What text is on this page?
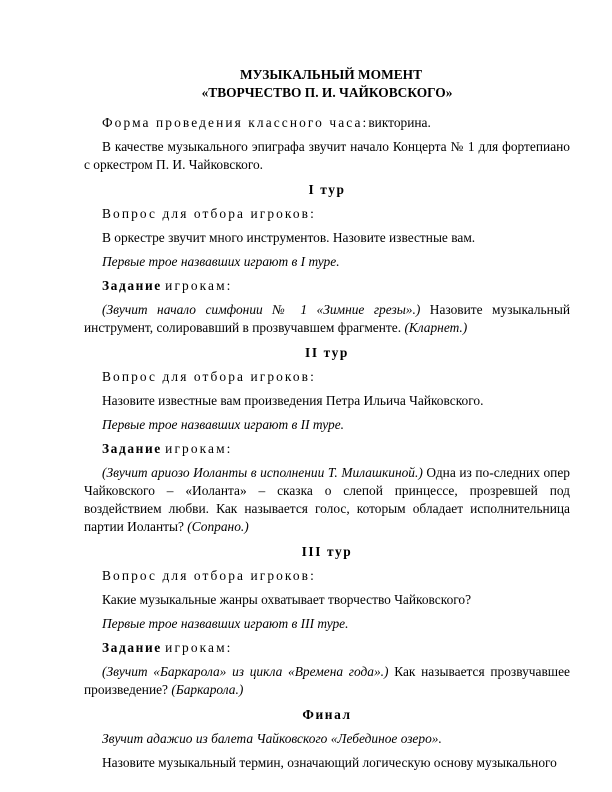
МУЗЫКАЛЬНЫЙ МОМЕНТ
«ТВОРЧЕСТВО П. И. ЧАЙКОВСКОГО»

Форма проведения классного часа:викторина.

В качестве музыкального эпиграфа звучит начало Концерта № 1 для фортепиано с оркестром П. И. Чайковского.

I тур

Вопрос для отбора игроков:

В оркестре звучит много инструментов. Назовите известные вам.

Первые трое назвавших играют в I туре.

Задание игрокам:

(Звучит начало симфонии № 1 «Зимние грезы».) Назовите музыкальный инструмент, солировавший в прозвучавшем фрагменте. (Кларнет.)

II тур

Вопрос для отбора игроков:

Назовите известные вам произведения Петра Ильича Чайковского.

Первые трое назвавших играют в II туре.

Задание игрокам:

(Звучит ариозо Иоланты в исполнении Т. Милашкиной.) Одна из по-следних опер Чайковского – «Иоланта» – сказка о слепой принцессе, прозревшей под воздействием любви. Как называется голос, которым обладает исполнительница партии Иоланты? (Сопрано.)

III тур

Вопрос для отбора игроков:

Какие музыкальные жанры охватывает творчество Чайковского?

Первые трое назвавших играют в III туре.

Задание игрокам:

(Звучит «Баркарола» из цикла «Времена года».) Как называется прозвучавшее произведение? (Баркарола.)

Финал

Звучит адажио из балета Чайковского «Лебединое озеро».

Назовите музыкальный термин, означающий логическую основу музыкального
